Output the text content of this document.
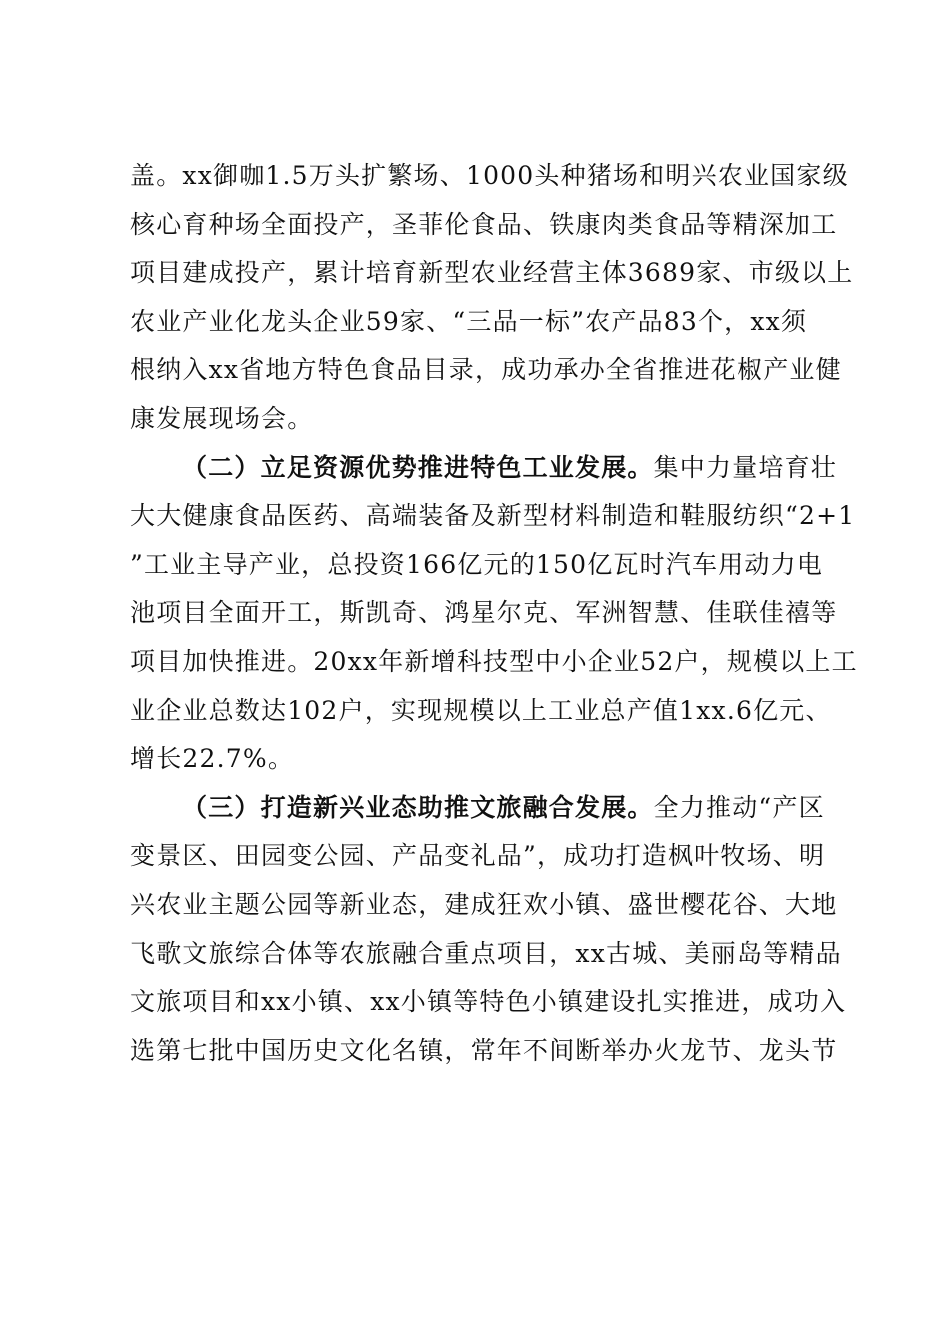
盖。xx御咖1.5万头扩繁场、1000头种猪场和明兴农业国家级
核心育种场全面投产，圣菲伦食品、铁康肉类食品等精深加工
项目建成投产，累计培育新型农业经营主体3689家、市级以上
农业产业化龙头企业59家、“三品一标”农产品83个，xx须
根纳入xx省地方特色食品目录，成功承办全省推进花椒产业健
康发展现场会。
（二）立足资源优势推进特色工业发展。集中力量培育壮
大大健康食品医药、高端装备及新型材料制造和鞋服纺织“2+1
”工业主导产业，总投资166亿元的150亿瓦时汽车用动力电
池项目全面开工，斯凯奇、鸿星尔克、军洲智慧、佳联佳禧等
项目加快推进。20xx年新增科技型中小企业52户，规模以上工
业企业总数达102户，实现规模以上工业总产值1xx.6亿元、
增长22.7%。
（三）打造新兴业态助推文旅融合发展。全力推动“产区
变景区、田园变公园、产品变礼品”，成功打造枫叶牧场、明
兴农业主题公园等新业态，建成狂欢小镇、盛世樱花谷、大地
飞歌文旅综合体等农旅融合重点项目，xx古城、美丽岛等精品
文旅项目和xx小镇、xx小镇等特色小镇建设扎实推进，成功入
选第七批中国历史文化名镇，常年不间断举办火龙节、龙头节
